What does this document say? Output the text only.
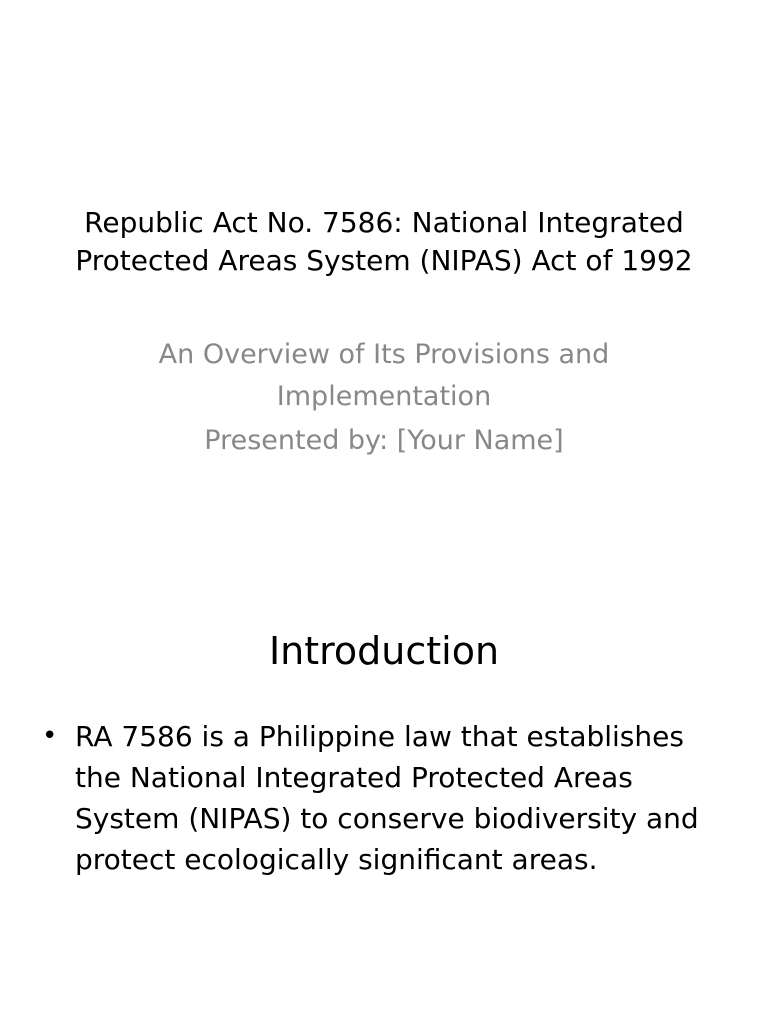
Republic Act No. 7586: National Integrated
Protected Areas System (NIPAS) Act of 1992
An Overview of Its Provisions and
Implementation
Presented by: [Your Name]
Introduction
• RA 7586 is a Philippine law that establishes the National Integrated Protected Areas System (NIPAS) to conserve biodiversity and protect ecologically significant areas.
